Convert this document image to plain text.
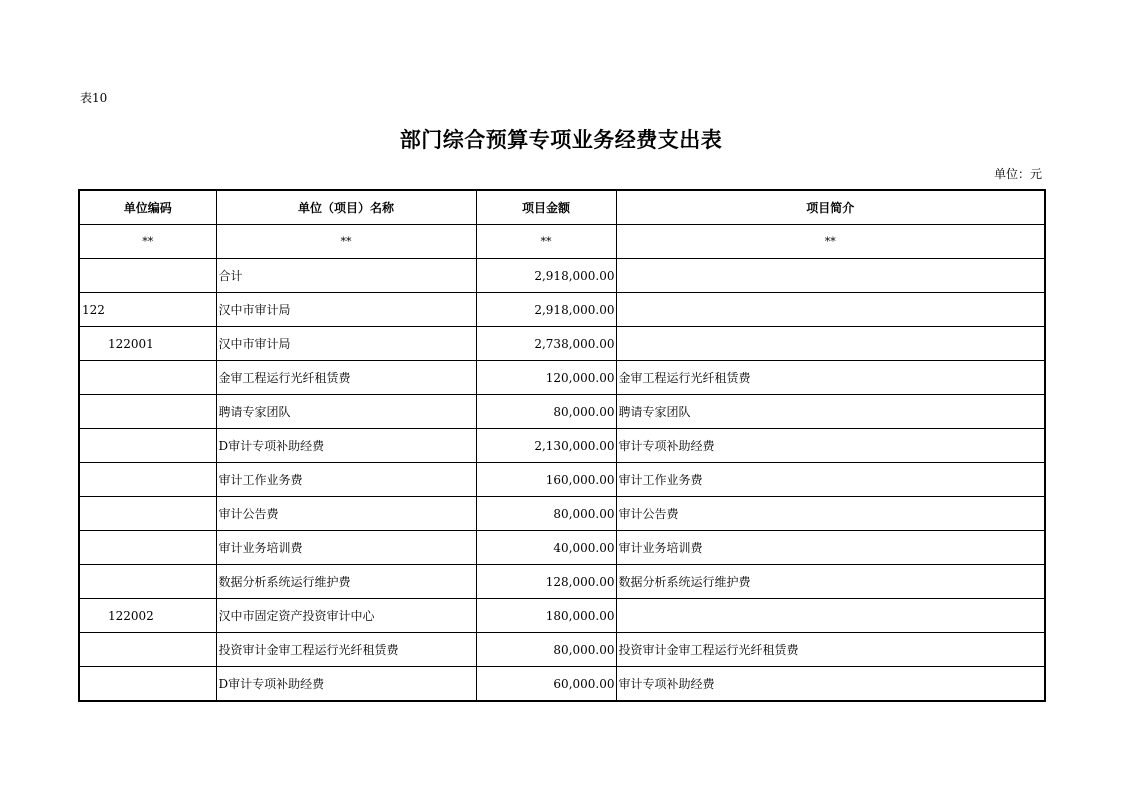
表10
部门综合预算专项业务经费支出表
单位：元
单位编码	单位（项目）名称	项目金额	项目简介
**	**	**	**
	合计	2,918,000.00	
122	汉中市审计局	2,918,000.00	
122001	汉中市审计局	2,738,000.00	
	金审工程运行光纤租赁费	120,000.00	金审工程运行光纤租赁费
	聘请专家团队	80,000.00	聘请专家团队
	D审计专项补助经费	2,130,000.00	审计专项补助经费
	审计工作业务费	160,000.00	审计工作业务费
	审计公告费	80,000.00	审计公告费
	审计业务培训费	40,000.00	审计业务培训费
	数据分析系统运行维护费	128,000.00	数据分析系统运行维护费
122002	汉中市固定资产投资审计中心	180,000.00	
	投资审计金审工程运行光纤租赁费	80,000.00	投资审计金审工程运行光纤租赁费
	D审计专项补助经费	60,000.00	审计专项补助经费
